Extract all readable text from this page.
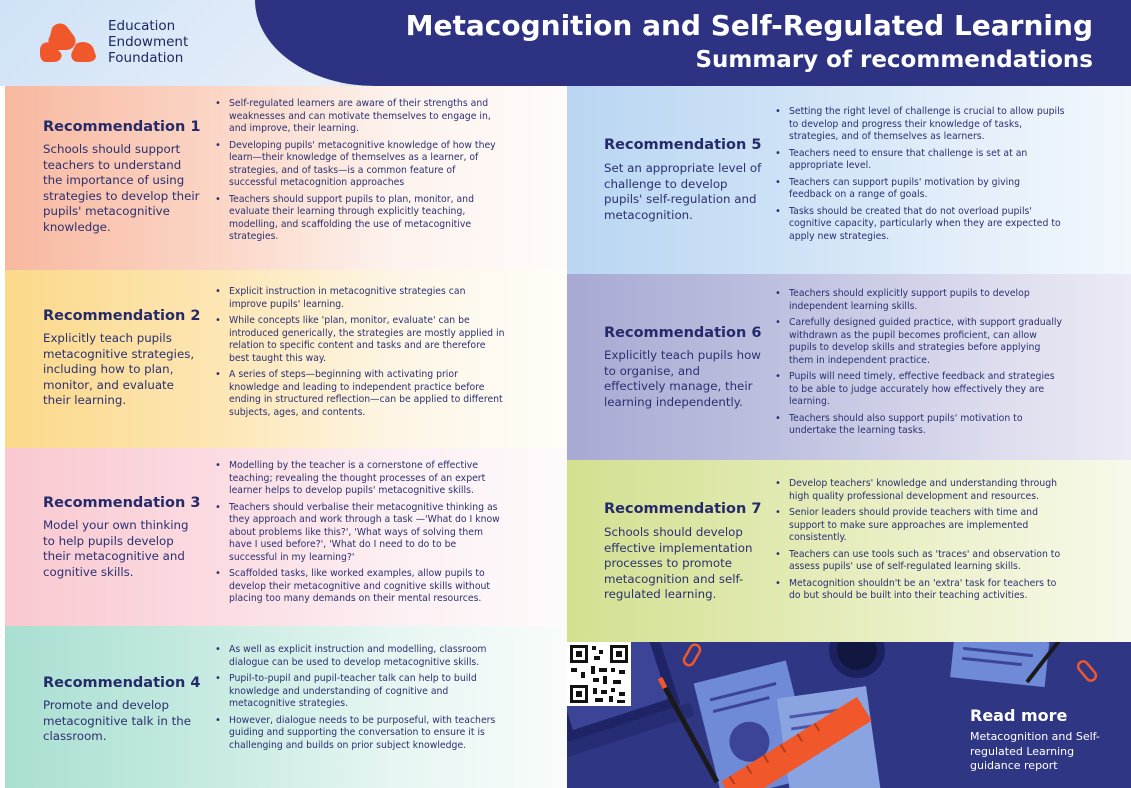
Education
Endowment
Foundation
Metacognition and Self-Regulated Learning
Summary of recommendations
Recommendation 1
Schools should support teachers to understand the importance of using strategies to develop their pupils' metacognitive knowledge.
• Self-regulated learners are aware of their strengths and weaknesses and can motivate themselves to engage in, and improve, their learning.
• Developing pupils' metacognitive knowledge of how they learn—their knowledge of themselves as a learner, of strategies, and of tasks—is a common feature of successful metacognition approaches
• Teachers should support pupils to plan, monitor, and evaluate their learning through explicitly teaching, modelling, and scaffolding the use of metacognitive strategies.
Recommendation 2
Explicitly teach pupils metacognitive strategies, including how to plan, monitor, and evaluate their learning.
• Explicit instruction in metacognitive strategies can improve pupils' learning.
• While concepts like 'plan, monitor, evaluate' can be introduced generically, the strategies are mostly applied in relation to specific content and tasks and are therefore best taught this way.
• A series of steps—beginning with activating prior knowledge and leading to independent practice before ending in structured reflection—can be applied to different subjects, ages, and contents.
Recommendation 3
Model your own thinking to help pupils develop their metacognitive and cognitive skills.
• Modelling by the teacher is a cornerstone of effective teaching; revealing the thought processes of an expert learner helps to develop pupils' metacognitive skills.
• Teachers should verbalise their metacognitive thinking as they approach and work through a task —'What do I know about problems like this?', 'What ways of solving them have I used before?', 'What do I need to do to be successful in my learning?'
• Scaffolded tasks, like worked examples, allow pupils to develop their metacognitive and cognitive skills without placing too many demands on their mental resources.
Recommendation 4
Promote and develop metacognitive talk in the classroom.
• As well as explicit instruction and modelling, classroom dialogue can be used to develop metacognitive skills.
• Pupil-to-pupil and pupil-teacher talk can help to build knowledge and understanding of cognitive and metacognitive strategies.
• However, dialogue needs to be purposeful, with teachers guiding and supporting the conversation to ensure it is challenging and builds on prior subject knowledge.
Recommendation 5
Set an appropriate level of challenge to develop pupils' self-regulation and metacognition.
• Setting the right level of challenge is crucial to allow pupils to develop and progress their knowledge of tasks, strategies, and of themselves as learners.
• Teachers need to ensure that challenge is set at an appropriate level.
• Teachers can support pupils' motivation by giving feedback on a range of goals.
• Tasks should be created that do not overload pupils' cognitive capacity, particularly when they are expected to apply new strategies.
Recommendation 6
Explicitly teach pupils how to organise, and effectively manage, their learning independently.
• Teachers should explicitly support pupils to develop independent learning skills.
• Carefully designed guided practice, with support gradually withdrawn as the pupil becomes proficient, can allow pupils to develop skills and strategies before applying them in independent practice.
• Pupils will need timely, effective feedback and strategies to be able to judge accurately how effectively they are learning.
• Teachers should also support pupils' motivation to undertake the learning tasks.
Recommendation 7
Schools should develop effective implementation processes to promote metacognition and self-regulated learning.
• Develop teachers' knowledge and understanding through high quality professional development and resources.
• Senior leaders should provide teachers with time and support to make sure approaches are implemented consistently.
• Teachers can use tools such as 'traces' and observation to assess pupils' use of self-regulated learning skills.
• Metacognition shouldn't be an 'extra' task for teachers to do but should be built into their teaching activities.
Read more
Metacognition and Self-regulated Learning guidance report
